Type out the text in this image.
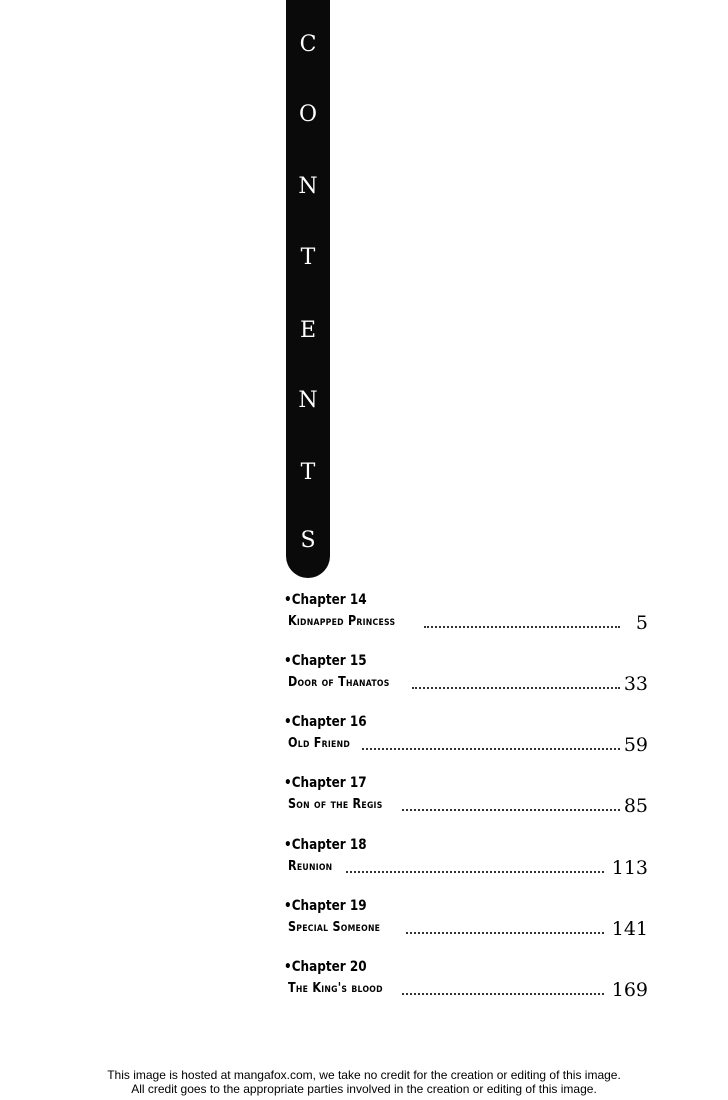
C
O
N
T
E
N
T
S
•Chapter 14
Kidnapped Princess	5
•Chapter 15
Door of Thanatos	33
•Chapter 16
Old Friend	59
•Chapter 17
Son of the Regis	85
•Chapter 18
Reunion	113
•Chapter 19
Special Someone	141
•Chapter 20
The King's blood	169
This image is hosted at mangafox.com, we take no credit for the creation or editing of this image.
All credit goes to the appropriate parties involved in the creation or editing of this image.
